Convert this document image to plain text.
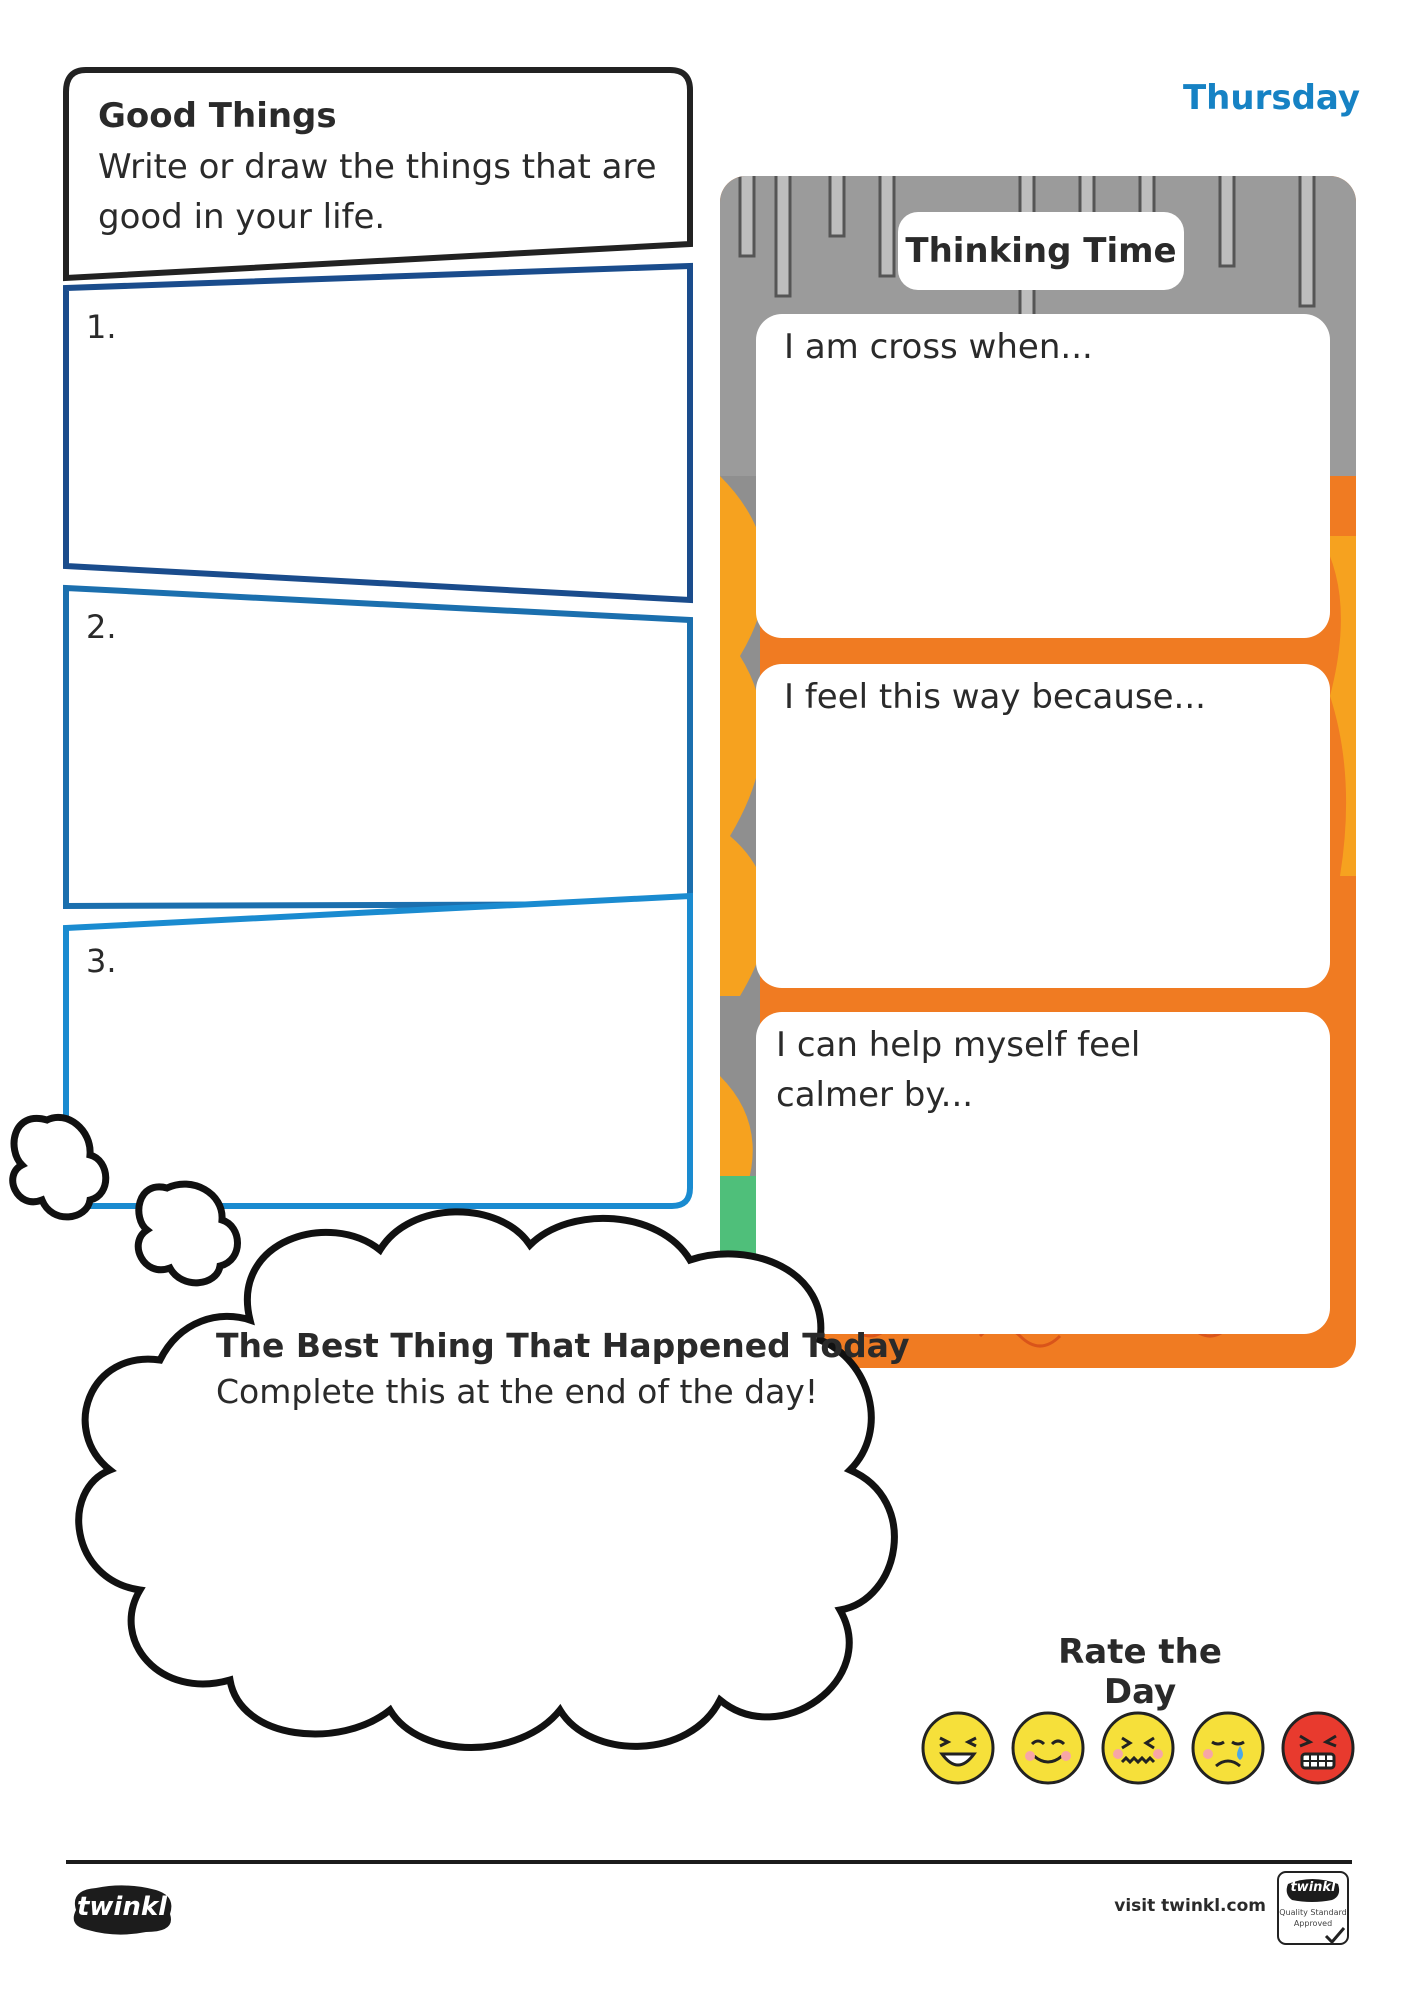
Thursday
Good Things
Write or draw the things that are good in your life.
1.
2.
3.
Thinking Time
I am cross when...
I feel this way because...
I can help myself feel calmer by...
The Best Thing That Happened Today
Complete this at the end of the day!
Rate the Day
twinkl	visit twinkl.com
twinkl
Quality Standard
Approved
